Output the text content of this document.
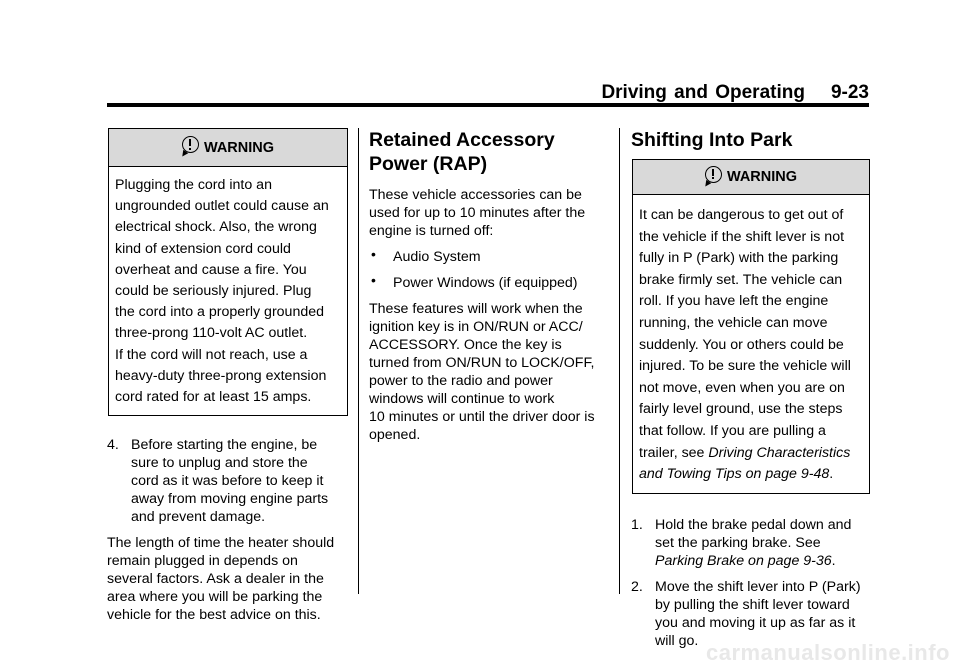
Driving and Operating 9-23
WARNING
Plugging the cord into an
ungrounded outlet could cause an
electrical shock. Also, the wrong
kind of extension cord could
overheat and cause a fire. You
could be seriously injured. Plug
the cord into a properly grounded
three-prong 110-volt AC outlet.
If the cord will not reach, use a
heavy-duty three-prong extension
cord rated for at least 15 amps.
4. Before starting the engine, be
sure to unplug and store the
cord as it was before to keep it
away from moving engine parts
and prevent damage.
The length of time the heater should
remain plugged in depends on
several factors. Ask a dealer in the
area where you will be parking the
vehicle for the best advice on this.
Retained Accessory
Power (RAP)
These vehicle accessories can be
used for up to 10 minutes after the
engine is turned off:
• Audio System
• Power Windows (if equipped)
These features will work when the
ignition key is in ON/RUN or ACC/
ACCESSORY. Once the key is
turned from ON/RUN to LOCK/OFF,
power to the radio and power
windows will continue to work
10 minutes or until the driver door is
opened.
Shifting Into Park
WARNING
It can be dangerous to get out of
the vehicle if the shift lever is not
fully in P (Park) with the parking
brake firmly set. The vehicle can
roll. If you have left the engine
running, the vehicle can move
suddenly. You or others could be
injured. To be sure the vehicle will
not move, even when you are on
fairly level ground, use the steps
that follow. If you are pulling a
trailer, see Driving Characteristics
and Towing Tips on page 9-48.
1. Hold the brake pedal down and
set the parking brake. See
Parking Brake on page 9-36.
2. Move the shift lever into P (Park)
by pulling the shift lever toward
you and moving it up as far as it
will go. carmanualsonline.info
